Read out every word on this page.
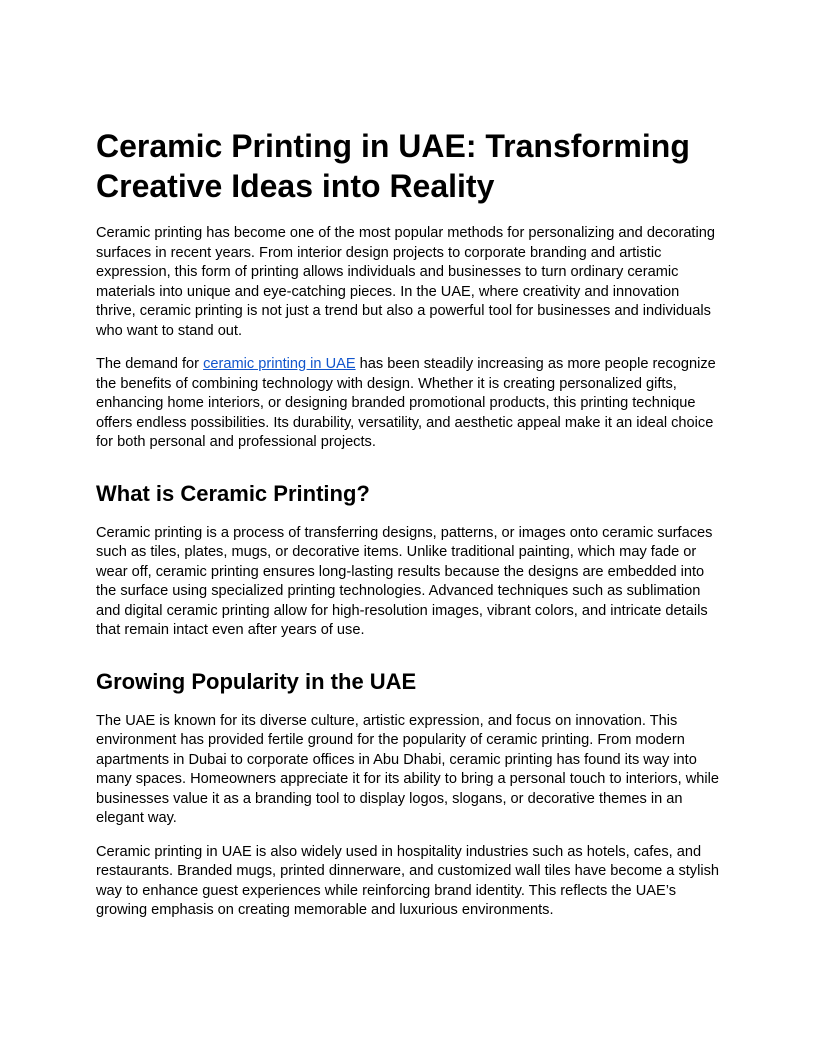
Ceramic Printing in UAE: Transforming Creative Ideas into Reality

Ceramic printing has become one of the most popular methods for personalizing and decorating surfaces in recent years. From interior design projects to corporate branding and artistic expression, this form of printing allows individuals and businesses to turn ordinary ceramic materials into unique and eye-catching pieces. In the UAE, where creativity and innovation thrive, ceramic printing is not just a trend but also a powerful tool for businesses and individuals who want to stand out.

The demand for ceramic printing in UAE has been steadily increasing as more people recognize the benefits of combining technology with design. Whether it is creating personalized gifts, enhancing home interiors, or designing branded promotional products, this printing technique offers endless possibilities. Its durability, versatility, and aesthetic appeal make it an ideal choice for both personal and professional projects.

What is Ceramic Printing?

Ceramic printing is a process of transferring designs, patterns, or images onto ceramic surfaces such as tiles, plates, mugs, or decorative items. Unlike traditional painting, which may fade or wear off, ceramic printing ensures long-lasting results because the designs are embedded into the surface using specialized printing technologies. Advanced techniques such as sublimation and digital ceramic printing allow for high-resolution images, vibrant colors, and intricate details that remain intact even after years of use.

Growing Popularity in the UAE

The UAE is known for its diverse culture, artistic expression, and focus on innovation. This environment has provided fertile ground for the popularity of ceramic printing. From modern apartments in Dubai to corporate offices in Abu Dhabi, ceramic printing has found its way into many spaces. Homeowners appreciate it for its ability to bring a personal touch to interiors, while businesses value it as a branding tool to display logos, slogans, or decorative themes in an elegant way.

Ceramic printing in UAE is also widely used in hospitality industries such as hotels, cafes, and restaurants. Branded mugs, printed dinnerware, and customized wall tiles have become a stylish way to enhance guest experiences while reinforcing brand identity. This reflects the UAE’s growing emphasis on creating memorable and luxurious environments.
